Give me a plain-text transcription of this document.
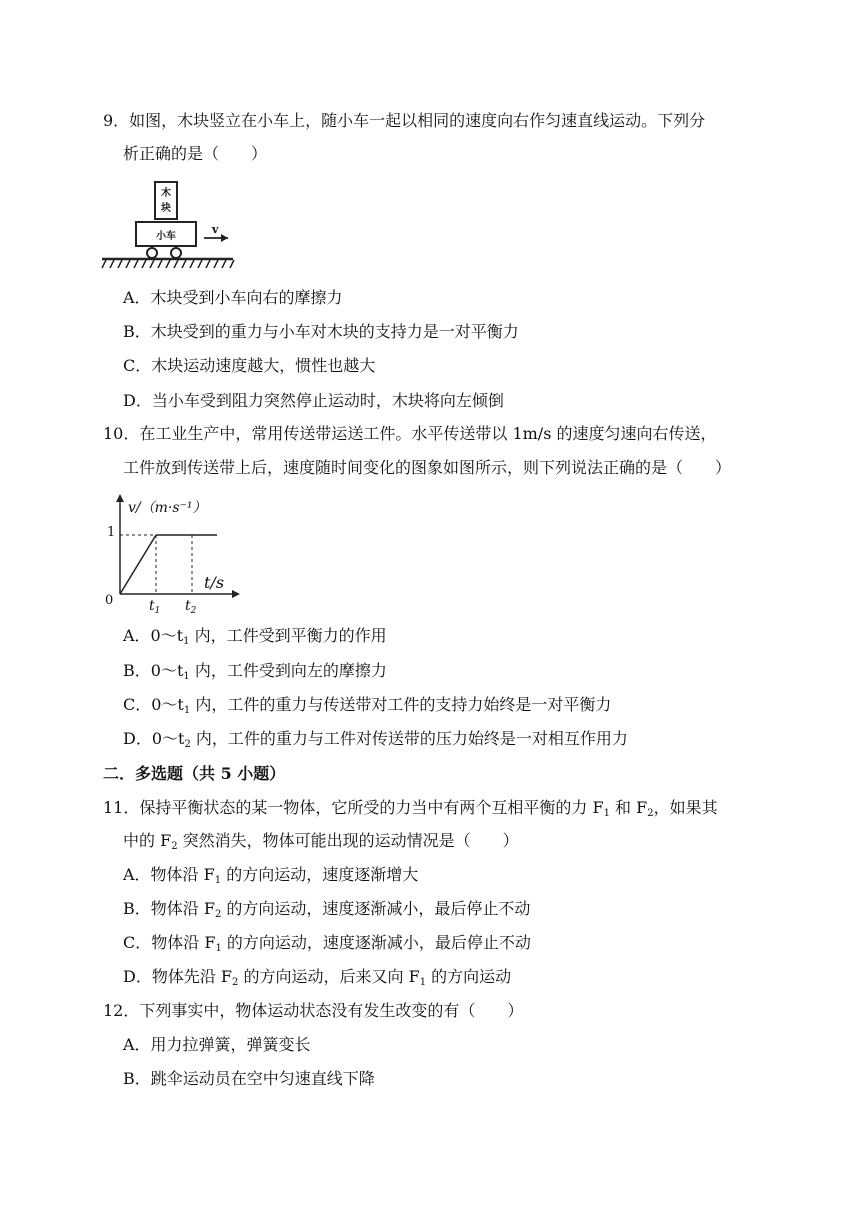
9．如图，木块竖立在小车上，随小车一起以相同的速度向右作匀速直线运动。下列分
析正确的是（　　）
木
块
小车
v
A．木块受到小车向右的摩擦力
B．木块受到的重力与小车对木块的支持力是一对平衡力
C．木块运动速度越大，惯性也越大
D．当小车受到阻力突然停止运动时，木块将向左倾倒
10．在工业生产中，常用传送带运送工件。水平传送带以 1m/s 的速度匀速向右传送，
工件放到传送带上后，速度随时间变化的图象如图所示，则下列说法正确的是（　　）
v/（m·s⁻¹）
t/s
1
0	$t_1$ $t_2$
A．$0\sim t_1$ 内，工件受到平衡力的作用
B．$0\sim t_1$ 内，工件受到向左的摩擦力
C．$0\sim t_1$ 内，工件的重力与传送带对工件的支持力始终是一对平衡力
D．$0\sim t_2$ 内，工件的重力与工件对传送带的压力始终是一对相互作用力
二．多选题（共 5 小题）
11．保持平衡状态的某一物体，它所受的力当中有两个互相平衡的力 $F_1$ 和 $F_2$，如果其
中的 $F_2$ 突然消失，物体可能出现的运动情况是（　　）
A．物体沿 $F_1$ 的方向运动，速度逐渐增大
B．物体沿 $F_2$ 的方向运动，速度逐渐减小，最后停止不动
C．物体沿 $F_1$ 的方向运动，速度逐渐减小，最后停止不动
D．物体先沿 $F_2$ 的方向运动，后来又向 $F_1$ 的方向运动
12．下列事实中，物体运动状态没有发生改变的有（　　）
A．用力拉弹簧，弹簧变长
B．跳伞运动员在空中匀速直线下降
